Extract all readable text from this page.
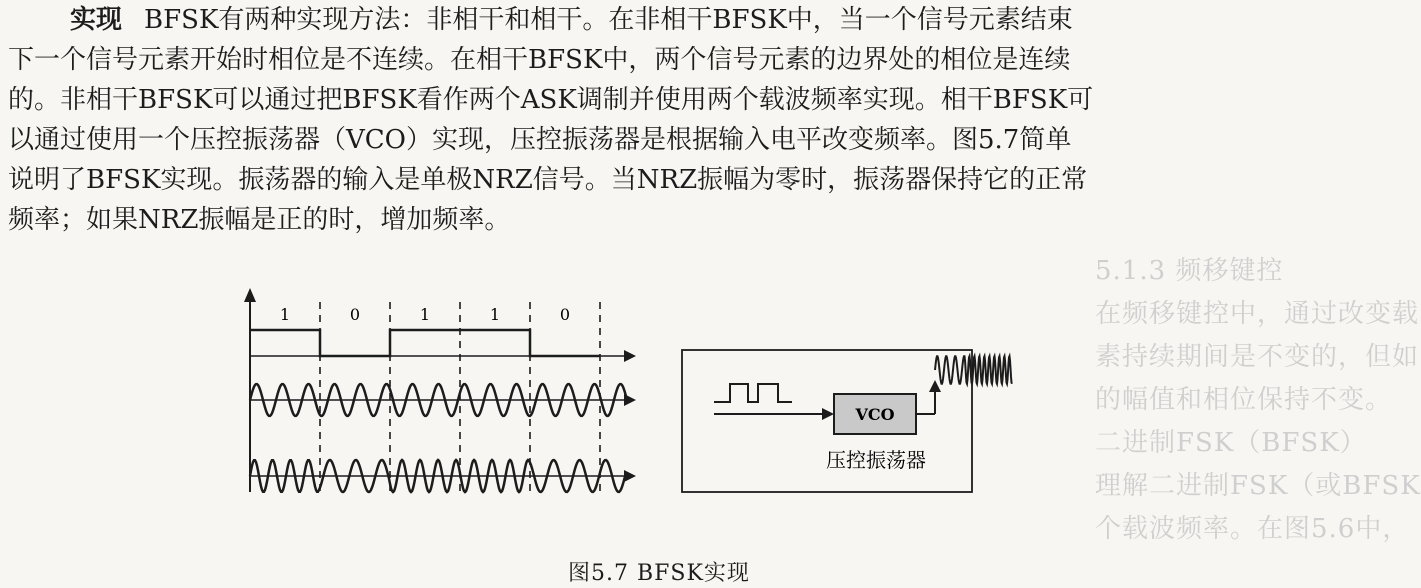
5.1.3 频移键控
在频移键控中，通过改变载
素持续期间是不变的，但如
的幅值和相位保持不变。
二进制FSK（BFSK）
理解二进制FSK（或BFSK
个载波频率。在图5.6中，
实现 BFSK有两种实现方法：非相干和相干。在非相干BFSK中，当一个信号元素结束
下一个信号元素开始时相位是不连续。在相干BFSK中，两个信号元素的边界处的相位是连续
的。非相干BFSK可以通过把BFSK看作两个ASK调制并使用两个载波频率实现。相干BFSK可
以通过使用一个压控振荡器（VCO）实现，压控振荡器是根据输入电平改变频率。图5.7简单
说明了BFSK实现。振荡器的输入是单极NRZ信号。当NRZ振幅为零时，振荡器保持它的正常
频率；如果NRZ振幅是正的时，增加频率。
1	0	1	1	0
VCO
压控振荡器
图5.7 BFSK实现
